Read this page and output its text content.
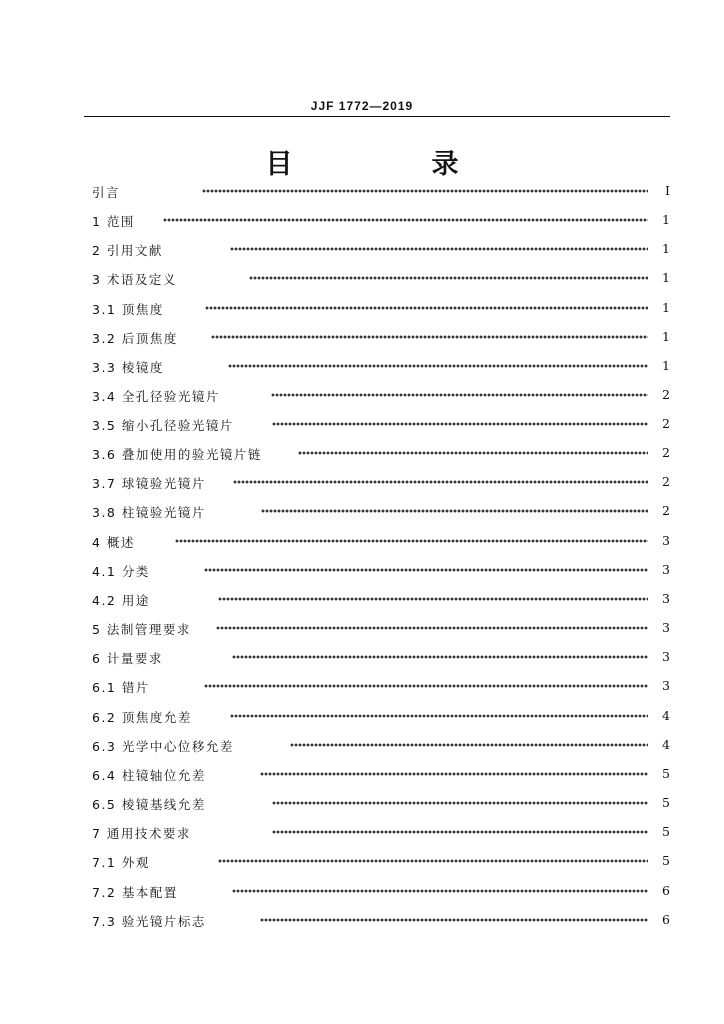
JJF 1772—2019
目　录
引言	Ⅰ
1 范围	1
2 引用文献	1
3 术语及定义	1
3.1 顶焦度	1
3.2 后顶焦度	1
3.3 棱镜度	1
3.4 全孔径验光镜片	2
3.5 缩小孔径验光镜片	2
3.6 叠加使用的验光镜片链	2
3.7 球镜验光镜片	2
3.8 柱镜验光镜片	2
4 概述	3
4.1 分类	3
4.2 用途	3
5 法制管理要求	3
6 计量要求	3
6.1 错片	3
6.2 顶焦度允差	4
6.3 光学中心位移允差	4
6.4 柱镜轴位允差	5
6.5 棱镜基线允差	5
7 通用技术要求	5
7.1 外观	5
7.2 基本配置	6
7.3 验光镜片标志	6
